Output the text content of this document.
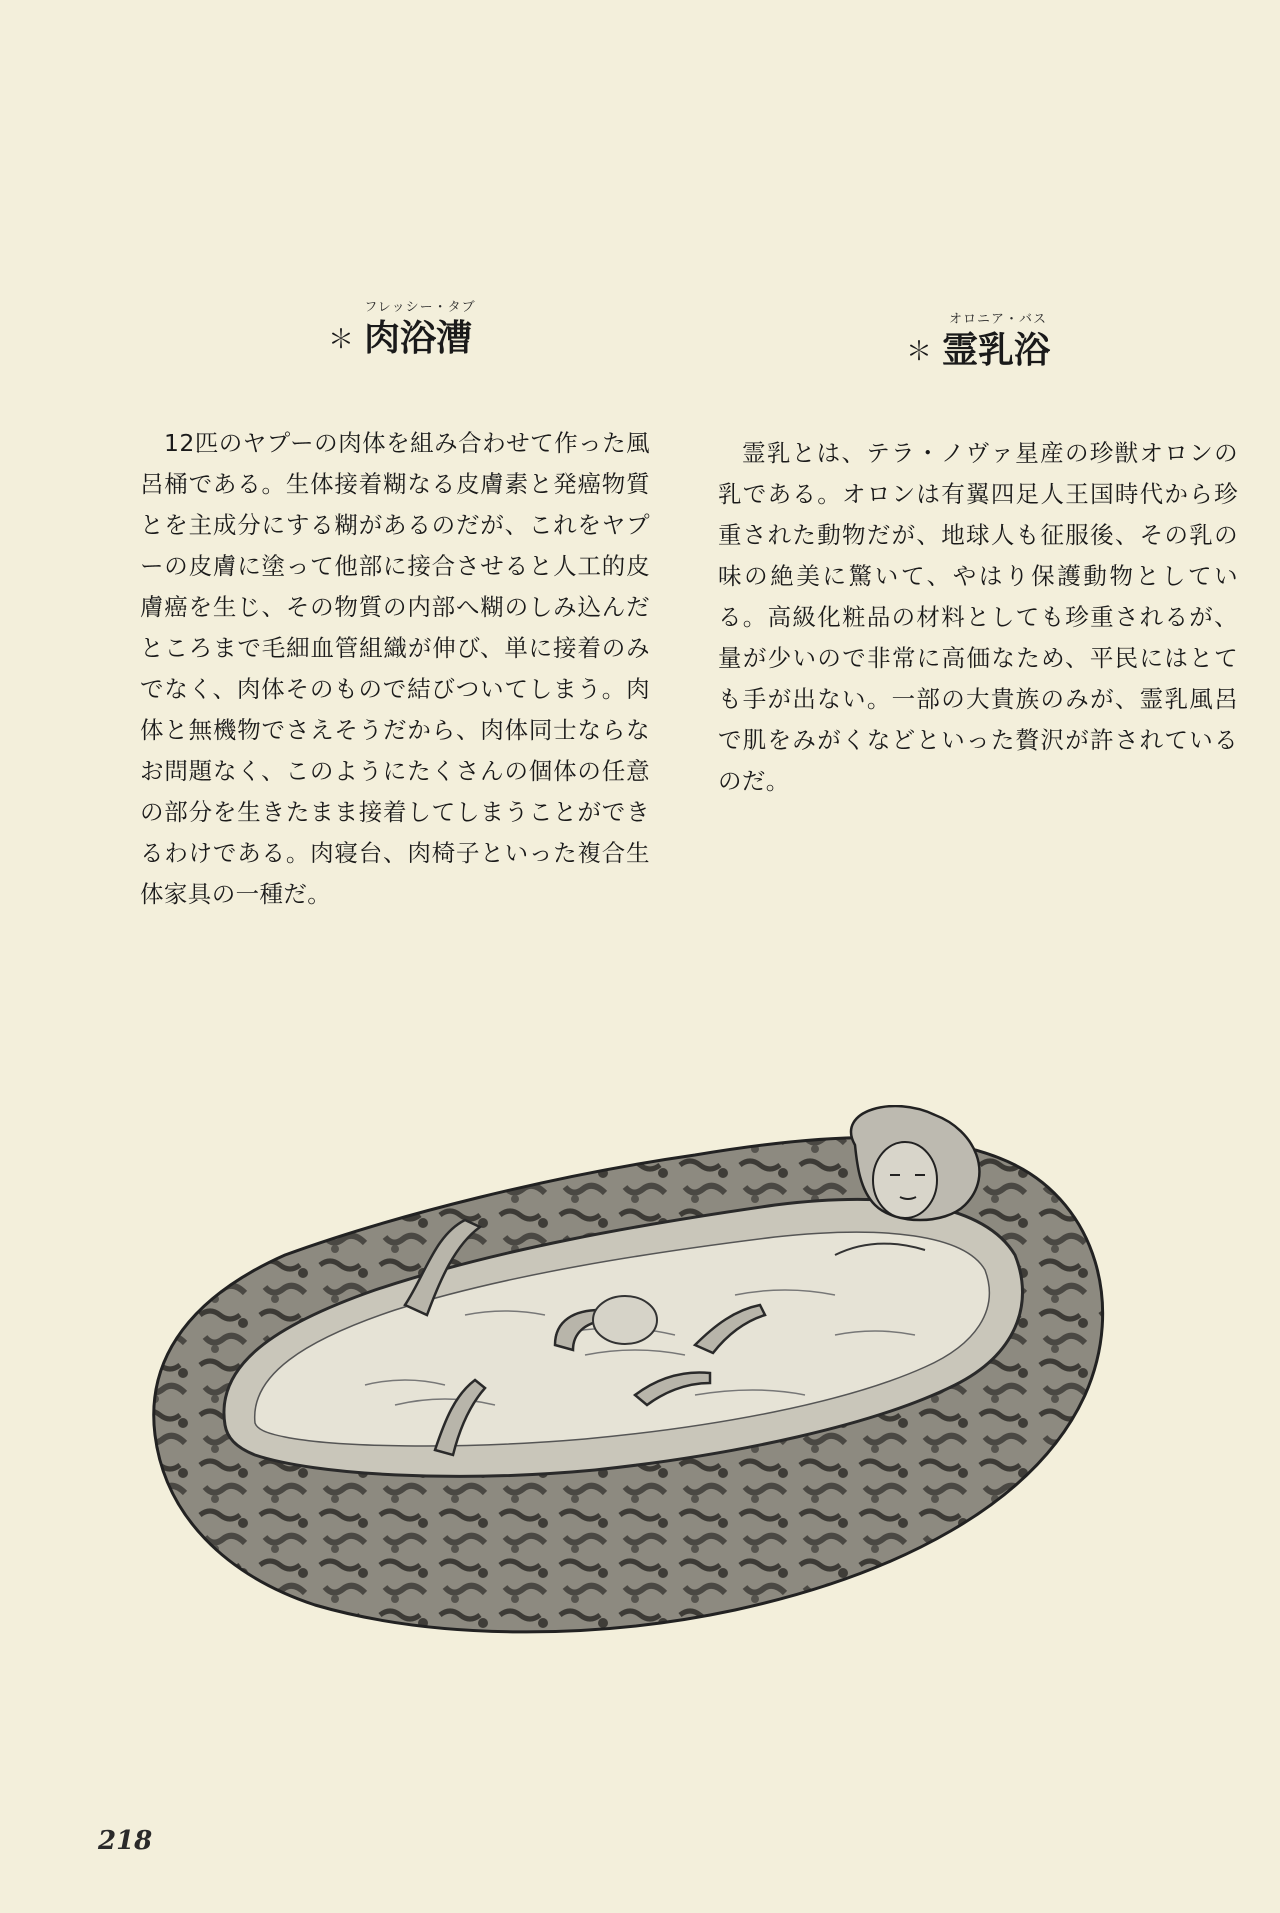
フレッシー・タブ
＊ 肉浴漕

12匹のヤプーの肉体を組み合わせて作った風呂桶である。生体接着糊なる皮膚素と発癌物質とを主成分にする糊があるのだが、これをヤプーの皮膚に塗って他部に接合させると人工的皮膚癌を生じ、その物質の内部へ糊のしみ込んだところまで毛細血管組織が伸び、単に接着のみでなく、肉体そのもので結びついてしまう。肉体と無機物でさえそうだから、肉体同士ならなお問題なく、このようにたくさんの個体の任意の部分を生きたまま接着してしまうことができるわけである。肉寝台、肉椅子といった複合生体家具の一種だ。

オロニア・バス
＊ 霊乳浴

霊乳とは、テラ・ノヴァ星産の珍獣オロンの乳である。オロンは有翼四足人王国時代から珍重された動物だが、地球人も征服後、その乳の味の絶美に驚いて、やはり保護動物としている。高級化粧品の材料としても珍重されるが、量が少いので非常に高価なため、平民にはとても手が出ない。一部の大貴族のみが、霊乳風呂で肌をみがくなどといった贅沢が許されているのだ。

218
